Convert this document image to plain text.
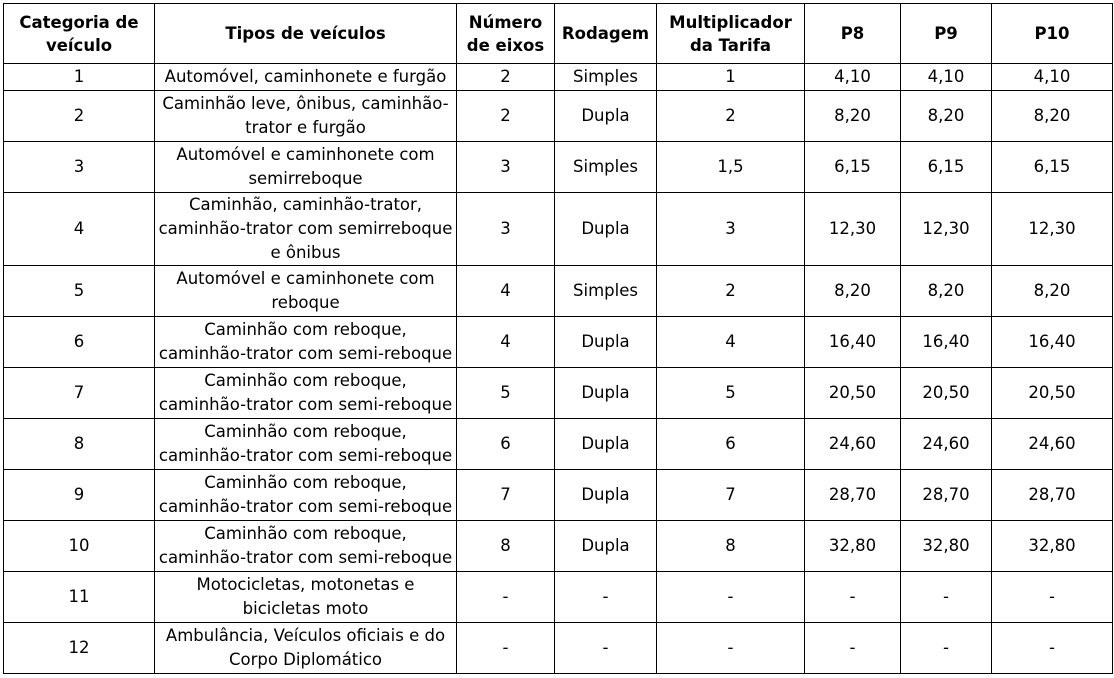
Categoria de veículo	Tipos de veículos	Número de eixos	Rodagem	Multiplicador da Tarifa	P8	P9	P10
1	Automóvel, caminhonete e furgão	2	Simples	1	4,10	4,10	4,10
2	Caminhão leve, ônibus, caminhão-trator e furgão	2	Dupla	2	8,20	8,20	8,20
3	Automóvel e caminhonete com semirreboque	3	Simples	1,5	6,15	6,15	6,15
4	Caminhão, caminhão-trator, caminhão-trator com semirreboque e ônibus	3	Dupla	3	12,30	12,30	12,30
5	Automóvel e caminhonete com reboque	4	Simples	2	8,20	8,20	8,20
6	Caminhão com reboque, caminhão-trator com semi-reboque	4	Dupla	4	16,40	16,40	16,40
7	Caminhão com reboque, caminhão-trator com semi-reboque	5	Dupla	5	20,50	20,50	20,50
8	Caminhão com reboque, caminhão-trator com semi-reboque	6	Dupla	6	24,60	24,60	24,60
9	Caminhão com reboque, caminhão-trator com semi-reboque	7	Dupla	7	28,70	28,70	28,70
10	Caminhão com reboque, caminhão-trator com semi-reboque	8	Dupla	8	32,80	32,80	32,80
11	Motocicletas, motonetas e bicicletas moto	-	-	-	-	-	-
12	Ambulância, Veículos oficiais e do Corpo Diplomático	-	-	-	-	-	-
